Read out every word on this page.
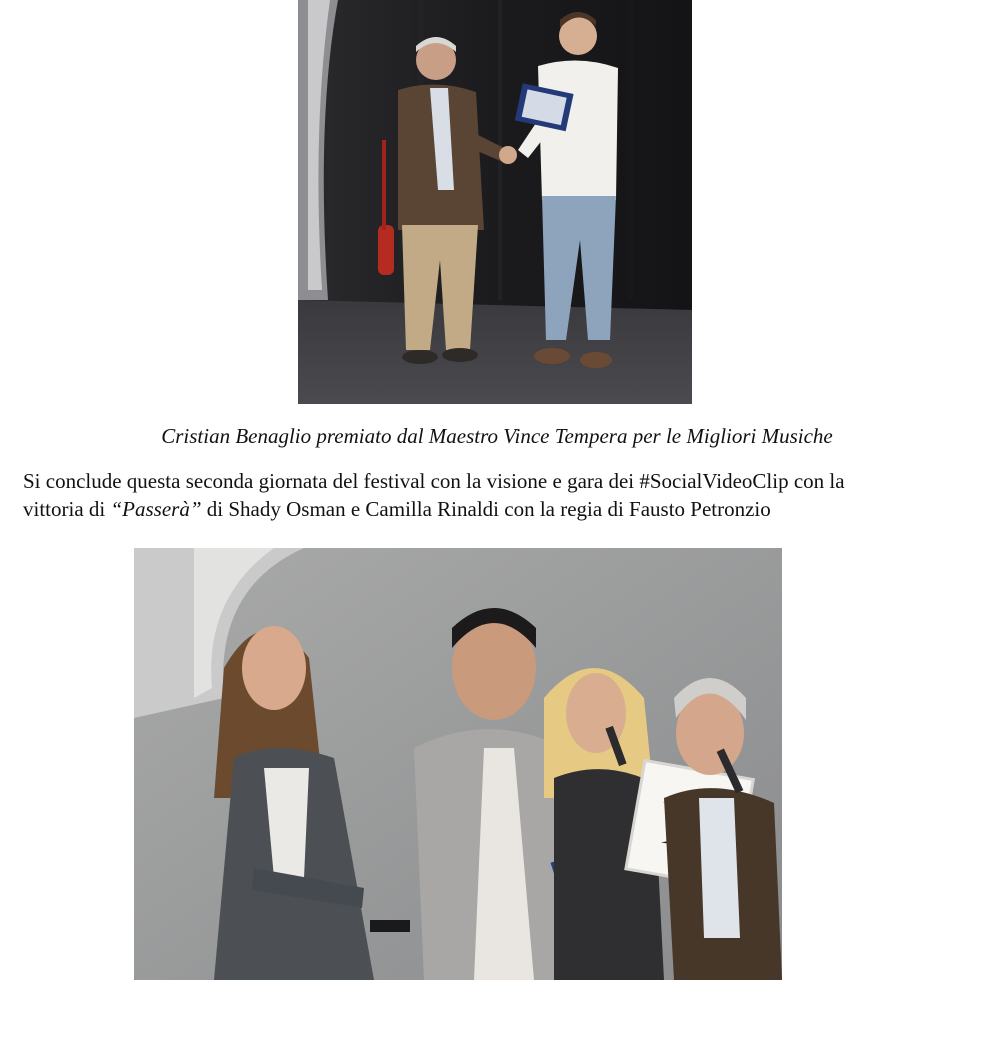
Cristian Benaglio premiato dal Maestro Vince Tempera per le Migliori Musiche
Si conclude questa seconda giornata del festival con la visione e gara dei #SocialVideoClip con la
vittoria di “Passerà” di Shady Osman e Camilla Rinaldi con la regia di Fausto Petronzio
